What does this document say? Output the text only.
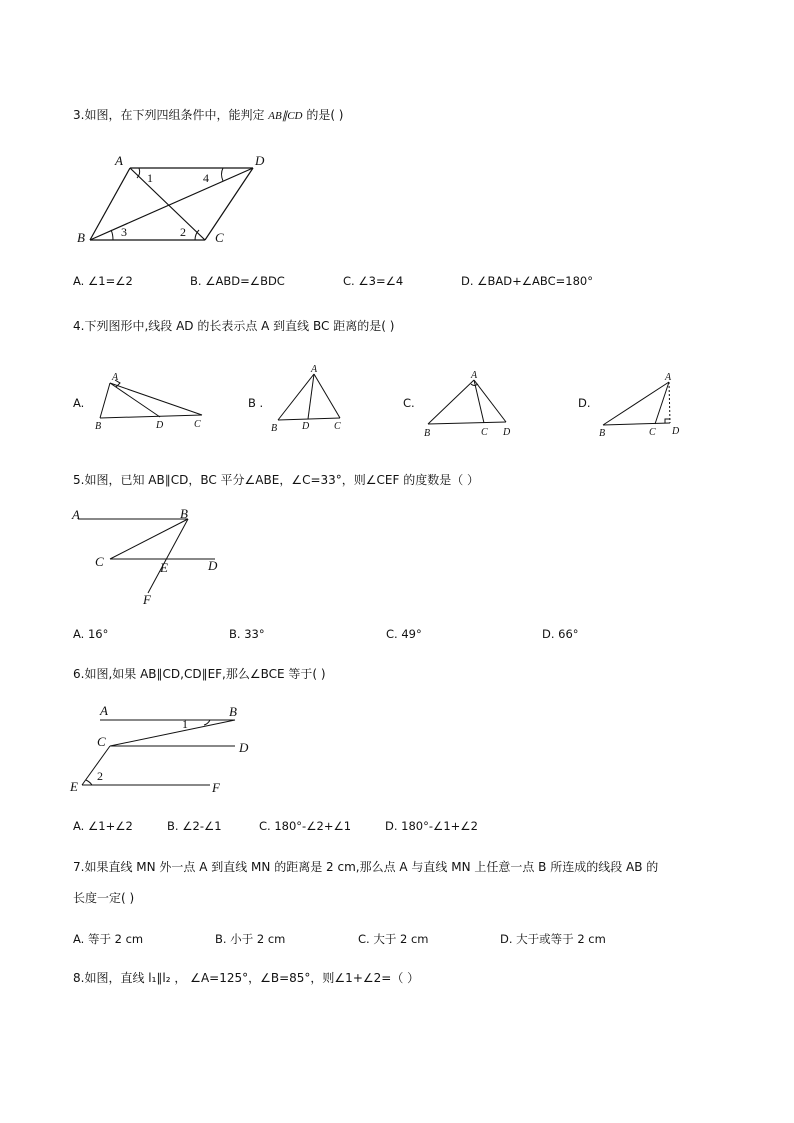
3.如图，在下列四组条件中，能判定 AB∥CD 的是( )
A	D
B	C
1	4
3	2
A. ∠1=∠2	B. ∠ABD=∠BDC	C. ∠3=∠4	D. ∠BAD+∠ABC=180°
4.下列图形中,线段 AD 的长表示点 A 到直线 BC 距离的是( )
A.	B .	C.	D.
A
B	D	C
A
B D C
A
B	C D
A
B	C D
5.如图，已知 AB∥CD，BC 平分∠ABE，∠C=33°，则∠CEF 的度数是（ ）
A	B
C	E	D
F
A. 16°	B. 33°	C. 49°	D. 66°
6.如图,如果 AB∥CD,CD∥EF,那么∠BCE 等于( )
A	B
C	D
E	F
1
2
A. ∠1+∠2	B. ∠2-∠1	C. 180°-∠2+∠1	D. 180°-∠1+∠2
7.如果直线 MN 外一点 A 到直线 MN 的距离是 2 cm,那么点 A 与直线 MN 上任意一点 B 所连成的线段 AB 的
长度一定( )
A. 等于 2 cm	B. 小于 2 cm	C. 大于 2 cm	D. 大于或等于 2 cm
8.如图，直线 l₁∥l₂ ， ∠A=125°，∠B=85°，则∠1+∠2=（ ）
